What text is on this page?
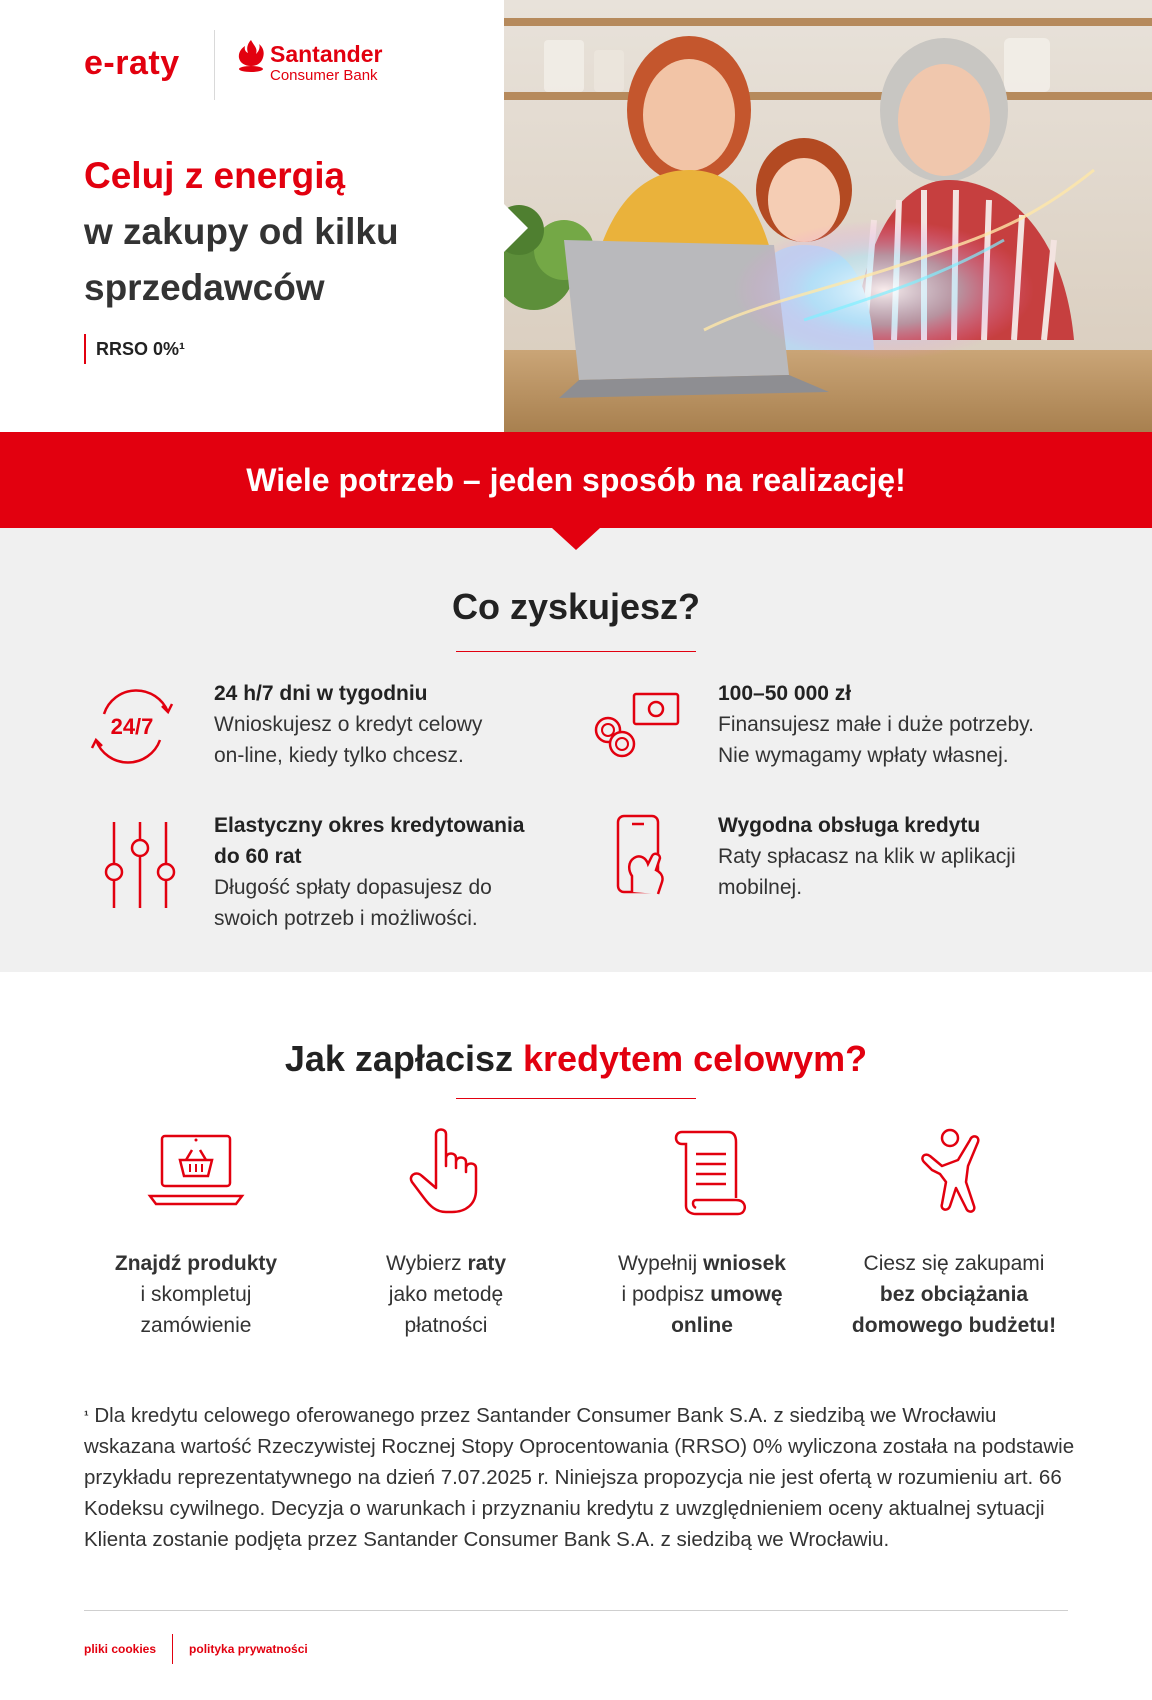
e-raty	Santander
Consumer Bank
Celuj z energią
w zakupy od kilku
sprzedawców
RRSO 0%¹
Wiele potrzeb – jeden sposób na realizację!
Co zyskujesz?
24/7
24 h/7 dni w tygodniu
Wnioskujesz o kredyt celowy on-line, kiedy tylko chcesz.
100–50 000 zł
Finansujesz małe i duże potrzeby. Nie wymagamy wpłaty własnej.
Elastyczny okres kredytowania do 60 rat
Długość spłaty dopasujesz do swoich potrzeb i możliwości.
Wygodna obsługa kredytu
Raty spłacasz na klik w aplikacji mobilnej.
Jak zapłacisz kredytem celowym?
Znajdź produkty
i skompletuj
zamówienie
Wybierz raty
jako metodę
płatności
Wypełnij wniosek
i podpisz umowę
online
Ciesz się zakupami
bez obciążania
domowego budżetu!
$^{^1}$ Dla kredytu celowego oferowanego przez Santander Consumer Bank S.A. z siedzibą we Wrocławiu wskazana wartość Rzeczywistej Rocznej Stopy Oprocentowania (RRSO) 0% wyliczona została na podstawie przykładu reprezentatywnego na dzień 7.07.2025 r. Niniejsza propozycja nie jest ofertą w rozumieniu art. 66 Kodeksu cywilnego. Decyzja o warunkach i przyznaniu kredytu z uwzględnieniem oceny aktualnej sytuacji Klienta zostanie podjęta przez Santander Consumer Bank S.A. z siedzibą we Wrocławiu.
pliki cookies	polityka prywatności
